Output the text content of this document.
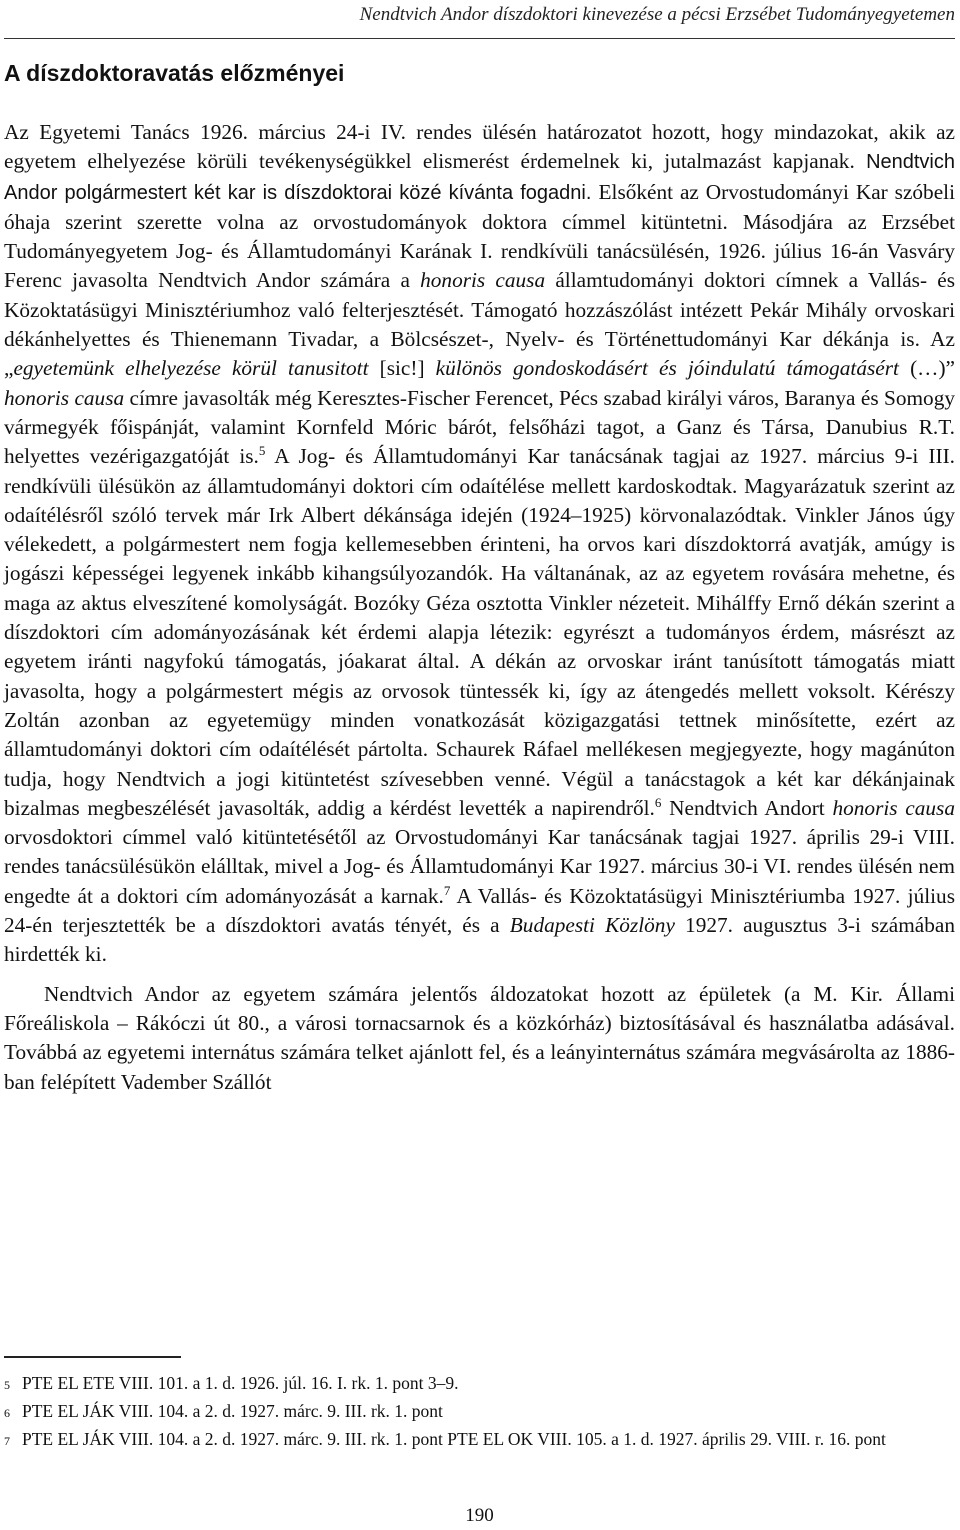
Nendtvich Andor díszdoktori kinevezése a pécsi Erzsébet Tudományegyetemen
A díszdoktoravatás előzményei

Az Egyetemi Tanács 1926. március 24-i IV. rendes ülésén határozatot hozott, hogy mindazokat, akik az egyetem elhelyezése körüli tevékenységükkel elismerést érdemelnek ki, jutalmazást kapjanak. Nendtvich Andor polgármestert két kar is díszdoktorai közé kívánta fogadni. Elsőként az Orvostudományi Kar szóbeli óhaja szerint szerette volna az orvostudományok doktora címmel kitüntetni. Másodjára az Erzsébet Tudományegyetem Jog- és Államtudományi Karának I. rendkívüli tanácsülésén, 1926. július 16-án Vasváry Ferenc javasolta Nendtvich Andor számára a honoris causa államtudományi doktori címnek a Vallás- és Közoktatásügyi Minisztériumhoz való felterjesztését. Támogató hozzászólást intézett Pekár Mihály orvoskari dékánhelyettes és Thienemann Tivadar, a Bölcsészet-, Nyelv- és Történettudományi Kar dékánja is. Az „egyetemünk elhelyezése körül tanusitott [sic!] különös gondoskodásért és jóindulatú támogatásért (…)” honoris causa címre javasolták még Keresztes-Fischer Ferencet, Pécs szabad királyi város, Baranya és Somogy vármegyék főispánját, valamint Kornfeld Móric bárót, felsőházi tagot, a Ganz és Társa, Danubius R.T. helyettes vezérigazgatóját is.$^5$ A Jog- és Államtudományi Kar tanácsának tagjai az 1927. március 9-i III. rendkívüli ülésükön az államtudományi doktori cím odaítélése mellett kardoskodtak. Magyarázatuk szerint az odaítélésről szóló tervek már Irk Albert dékánsága idején (1924–1925) körvonalazódtak. Vinkler János úgy vélekedett, a polgármestert nem fogja kellemesebben érinteni, ha orvos kari díszdoktorrá avatják, amúgy is jogászi képességei legyenek inkább kihangsúlyozandók. Ha váltanának, az az egyetem rovására mehetne, és maga az aktus elveszítené komolyságát. Bozóky Géza osztotta Vinkler nézeteit. Mihálffy Ernő dékán szerint a díszdoktori cím adományozásának két érdemi alapja létezik: egyrészt a tudományos érdem, másrészt az egyetem iránti nagyfokú támogatás, jóakarat által. A dékán az orvoskar iránt tanúsított támogatás miatt javasolta, hogy a polgármestert mégis az orvosok tüntessék ki, így az átengedés mellett voksolt. Kérészy Zoltán azonban az egyetemügy minden vonatkozását közigazgatási tettnek minősítette, ezért az államtudományi doktori cím odaítélését pártolta. Schaurek Ráfael mellékesen megjegyezte, hogy magánúton tudja, hogy Nendtvich a jogi kitüntetést szívesebben venné. Végül a tanácstagok a két kar dékánjainak bizalmas megbeszélését javasolták, addig a kérdést levették a napirendről.$^6$ Nendtvich Andort honoris causa orvosdoktori címmel való kitüntetésétől az Orvostudományi Kar tanácsának tagjai 1927. április 29-i VIII. rendes tanácsülésükön elálltak, mivel a Jog- és Államtudományi Kar 1927. március 30-i VI. rendes ülésén nem engedte át a doktori cím adományozását a karnak.$^7$ A Vallás- és Közoktatásügyi Minisztériumba 1927. július 24-én terjesztették be a díszdoktori avatás tényét, és a Budapesti Közlöny 1927. augusztus 3-i számában hirdették ki.

Nendtvich Andor az egyetem számára jelentős áldozatokat hozott az épületek (a M. Kir. Állami Főreáliskola – Rákóczi út 80., a városi tornacsarnok és a közkórház) biztosításával és használatba adásával. Továbbá az egyetemi internátus számára telket ajánlott fel, és a leányinternátus számára megvásárolta az 1886-ban felépített Vadember Szállót

5 PTE EL ETE VIII. 101. a 1. d. 1926. júl. 16. I. rk. 1. pont 3–9.

6 PTE EL JÁK VIII. 104. a 2. d. 1927. márc. 9. III. rk. 1. pont

7 PTE EL JÁK VIII. 104. a 2. d. 1927. márc. 9. III. rk. 1. pont PTE EL OK VIII. 105. a 1. d. 1927. április 29. VIII. r. 16. pont

190
